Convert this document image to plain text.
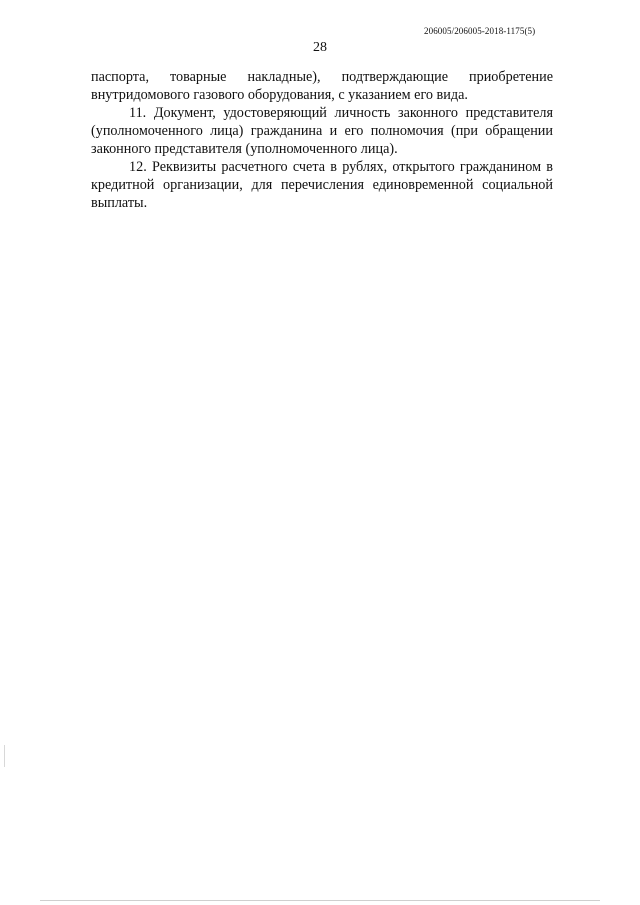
206005/206005-2018-1175(5)
28

паспорта, товарные накладные), подтверждающие приобретение внутридомового газового оборудования, с указанием его вида.

11. Документ, удостоверяющий личность законного представителя (уполномоченного лица) гражданина и его полномочия (при обращении законного представителя (уполномоченного лица).

12. Реквизиты расчетного счета в рублях, открытого гражданином в кредитной организации, для перечисления единовременной социальной выплаты.
